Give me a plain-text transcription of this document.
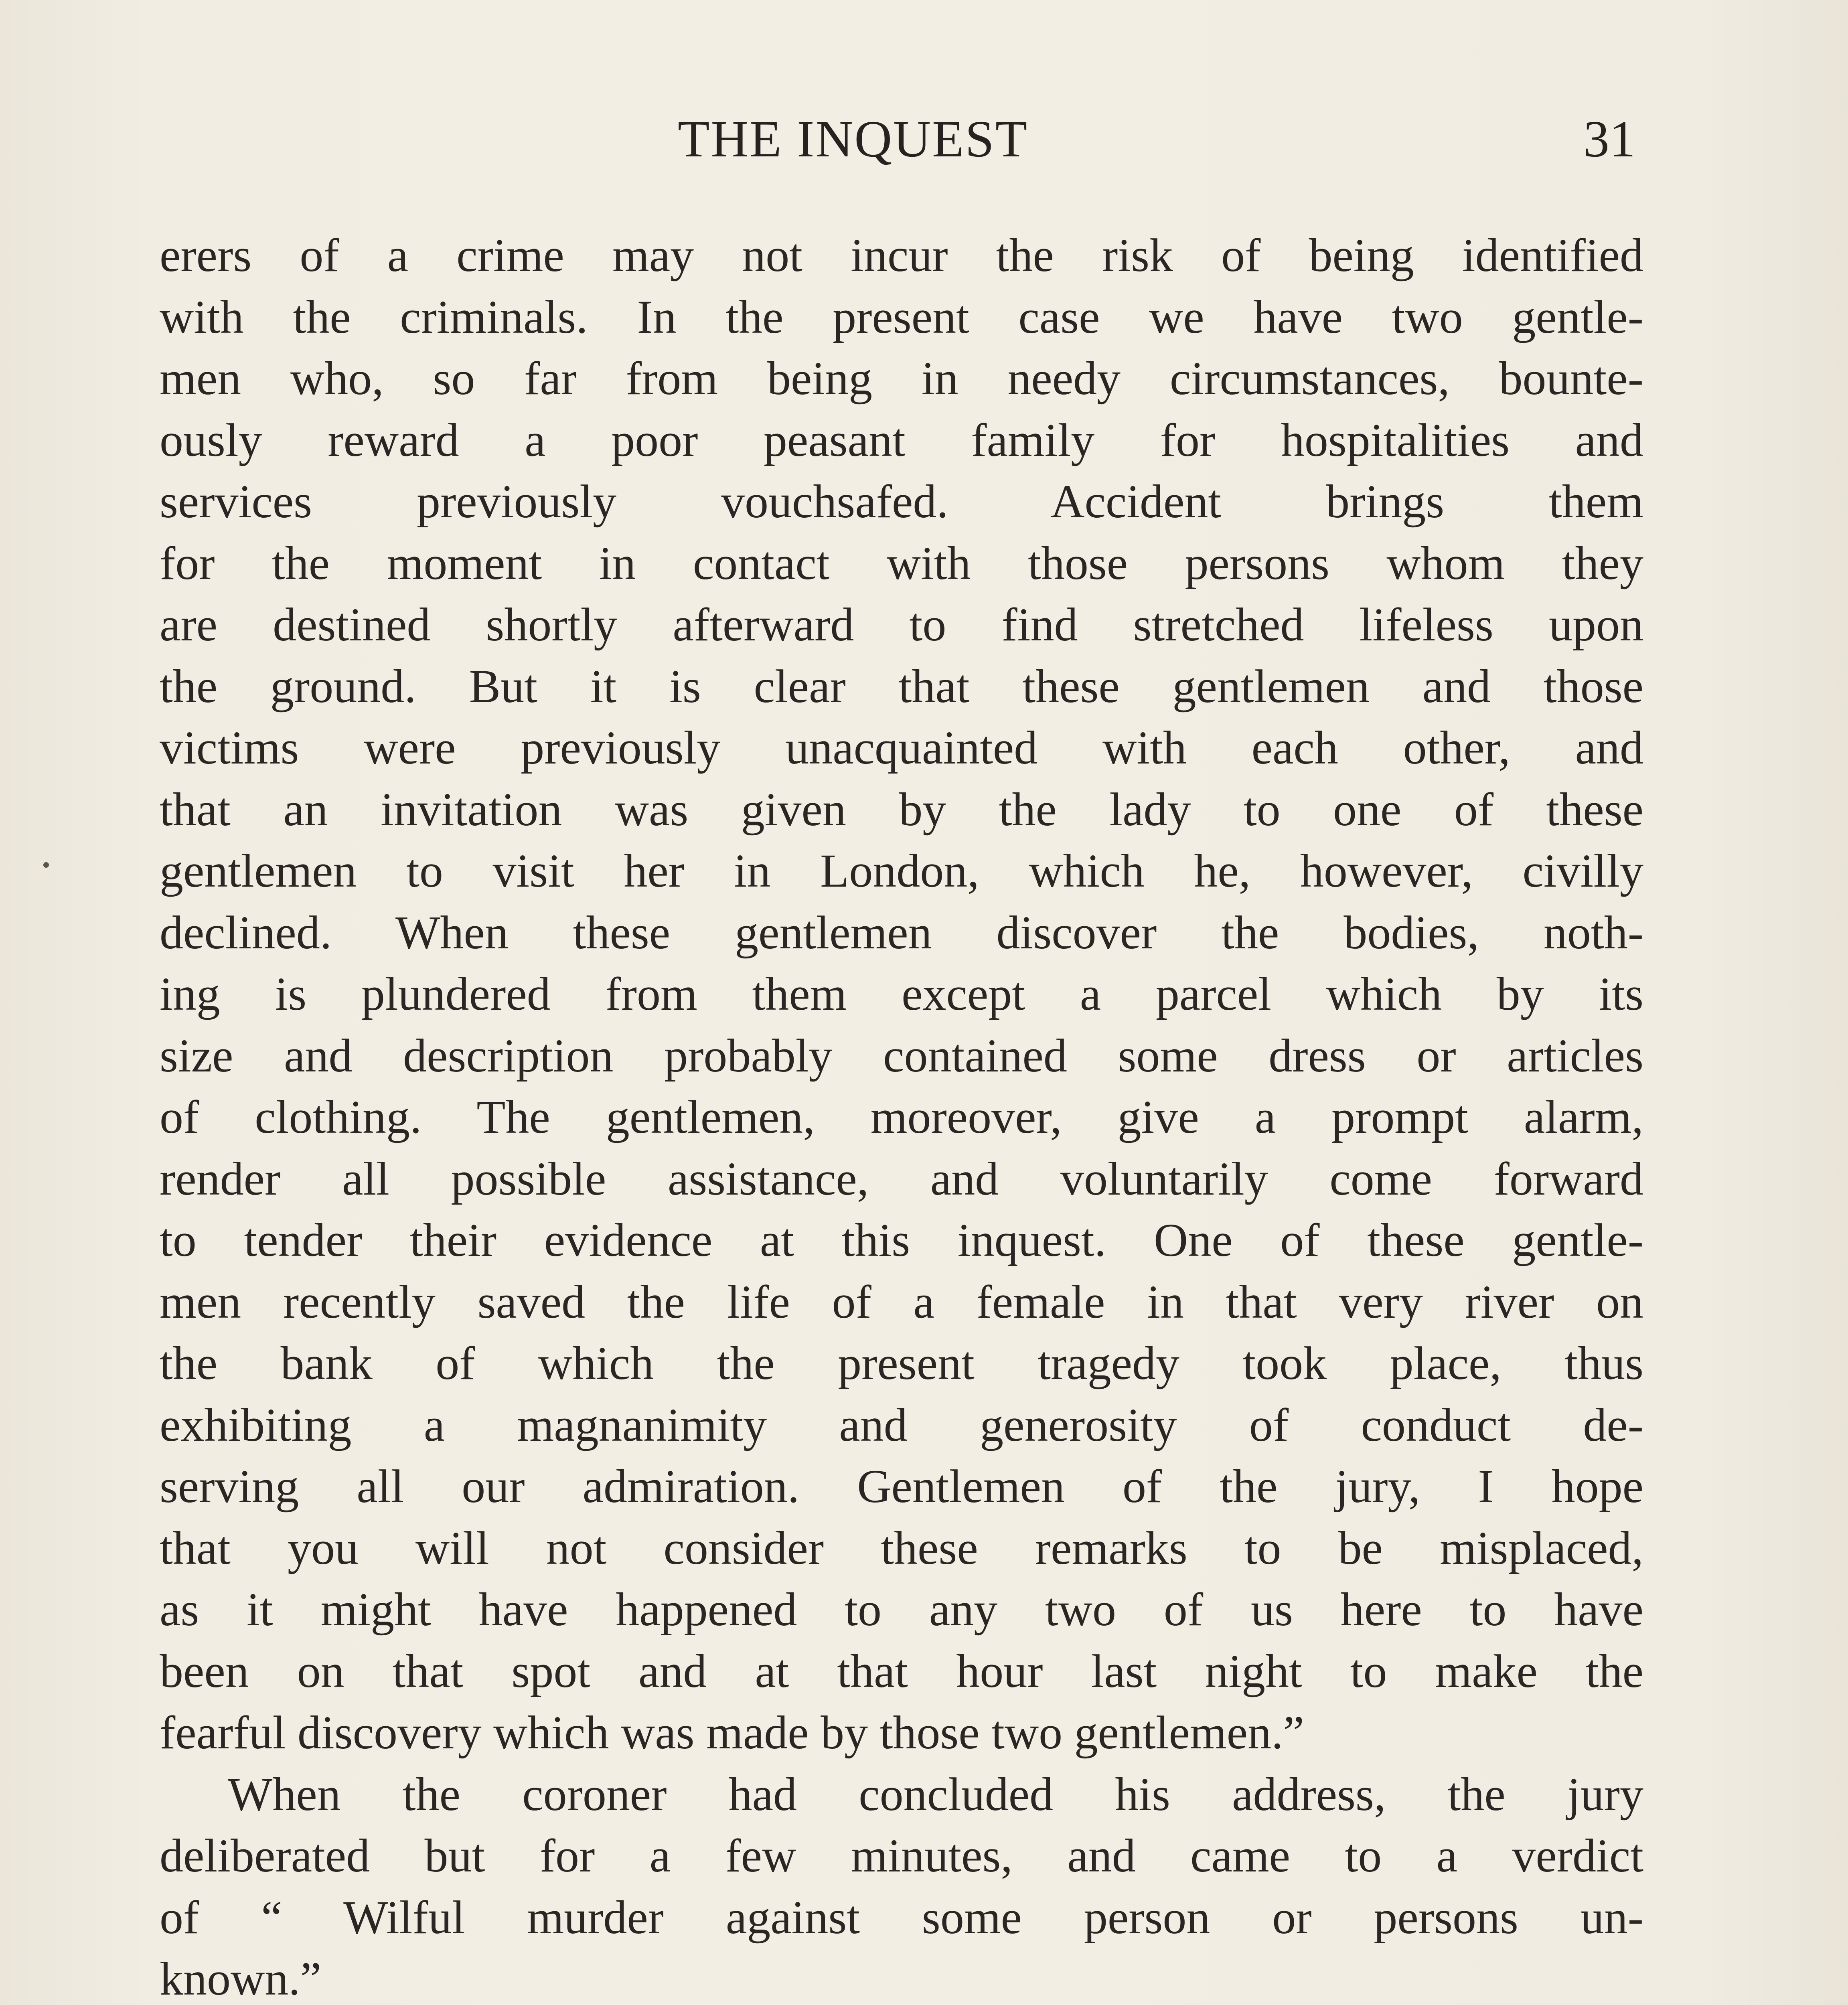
THE INQUEST	31
erers of a crime may not incur the risk of being identified
with the criminals. In the present case we have two gentle-
men who, so far from being in needy circumstances, bounte-
ously reward a poor peasant family for hospitalities and
services previously vouchsafed. Accident brings them
for the moment in contact with those persons whom they
are destined shortly afterward to find stretched lifeless upon
the ground. But it is clear that these gentlemen and those
victims were previously unacquainted with each other, and
that an invitation was given by the lady to one of these
gentlemen to visit her in London, which he, however, civilly
declined. When these gentlemen discover the bodies, noth-
ing is plundered from them except a parcel which by its
size and description probably contained some dress or articles
of clothing. The gentlemen, moreover, give a prompt alarm,
render all possible assistance, and voluntarily come forward
to tender their evidence at this inquest. One of these gentle-
men recently saved the life of a female in that very river on
the bank of which the present tragedy took place, thus
exhibiting a magnanimity and generosity of conduct de-
serving all our admiration. Gentlemen of the jury, I hope
that you will not consider these remarks to be misplaced,
as it might have happened to any two of us here to have
been on that spot and at that hour last night to make the
fearful discovery which was made by those two gentlemen.”
When the coroner had concluded his address, the jury
deliberated but for a few minutes, and came to a verdict
of “ Wilful murder against some person or persons un-
known.”
